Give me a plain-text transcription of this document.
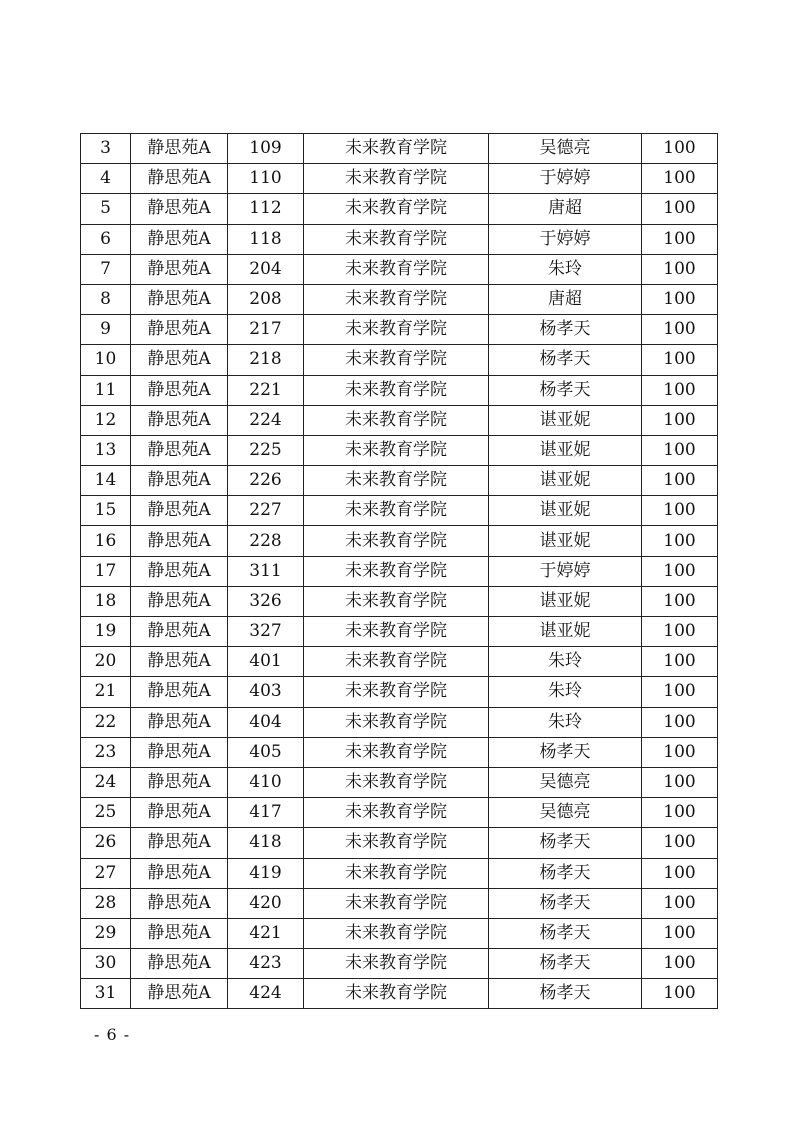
3	静思苑A	109	未来教育学院	吴德亮	100
4	静思苑A	110	未来教育学院	于婷婷	100
5	静思苑A	112	未来教育学院	唐超	100
6	静思苑A	118	未来教育学院	于婷婷	100
7	静思苑A	204	未来教育学院	朱玲	100
8	静思苑A	208	未来教育学院	唐超	100
9	静思苑A	217	未来教育学院	杨孝天	100
10	静思苑A	218	未来教育学院	杨孝天	100
11	静思苑A	221	未来教育学院	杨孝天	100
12	静思苑A	224	未来教育学院	谌亚妮	100
13	静思苑A	225	未来教育学院	谌亚妮	100
14	静思苑A	226	未来教育学院	谌亚妮	100
15	静思苑A	227	未来教育学院	谌亚妮	100
16	静思苑A	228	未来教育学院	谌亚妮	100
17	静思苑A	311	未来教育学院	于婷婷	100
18	静思苑A	326	未来教育学院	谌亚妮	100
19	静思苑A	327	未来教育学院	谌亚妮	100
20	静思苑A	401	未来教育学院	朱玲	100
21	静思苑A	403	未来教育学院	朱玲	100
22	静思苑A	404	未来教育学院	朱玲	100
23	静思苑A	405	未来教育学院	杨孝天	100
24	静思苑A	410	未来教育学院	吴德亮	100
25	静思苑A	417	未来教育学院	吴德亮	100
26	静思苑A	418	未来教育学院	杨孝天	100
27	静思苑A	419	未来教育学院	杨孝天	100
28	静思苑A	420	未来教育学院	杨孝天	100
29	静思苑A	421	未来教育学院	杨孝天	100
30	静思苑A	423	未来教育学院	杨孝天	100
31	静思苑A	424	未来教育学院	杨孝天	100
- 6 -
